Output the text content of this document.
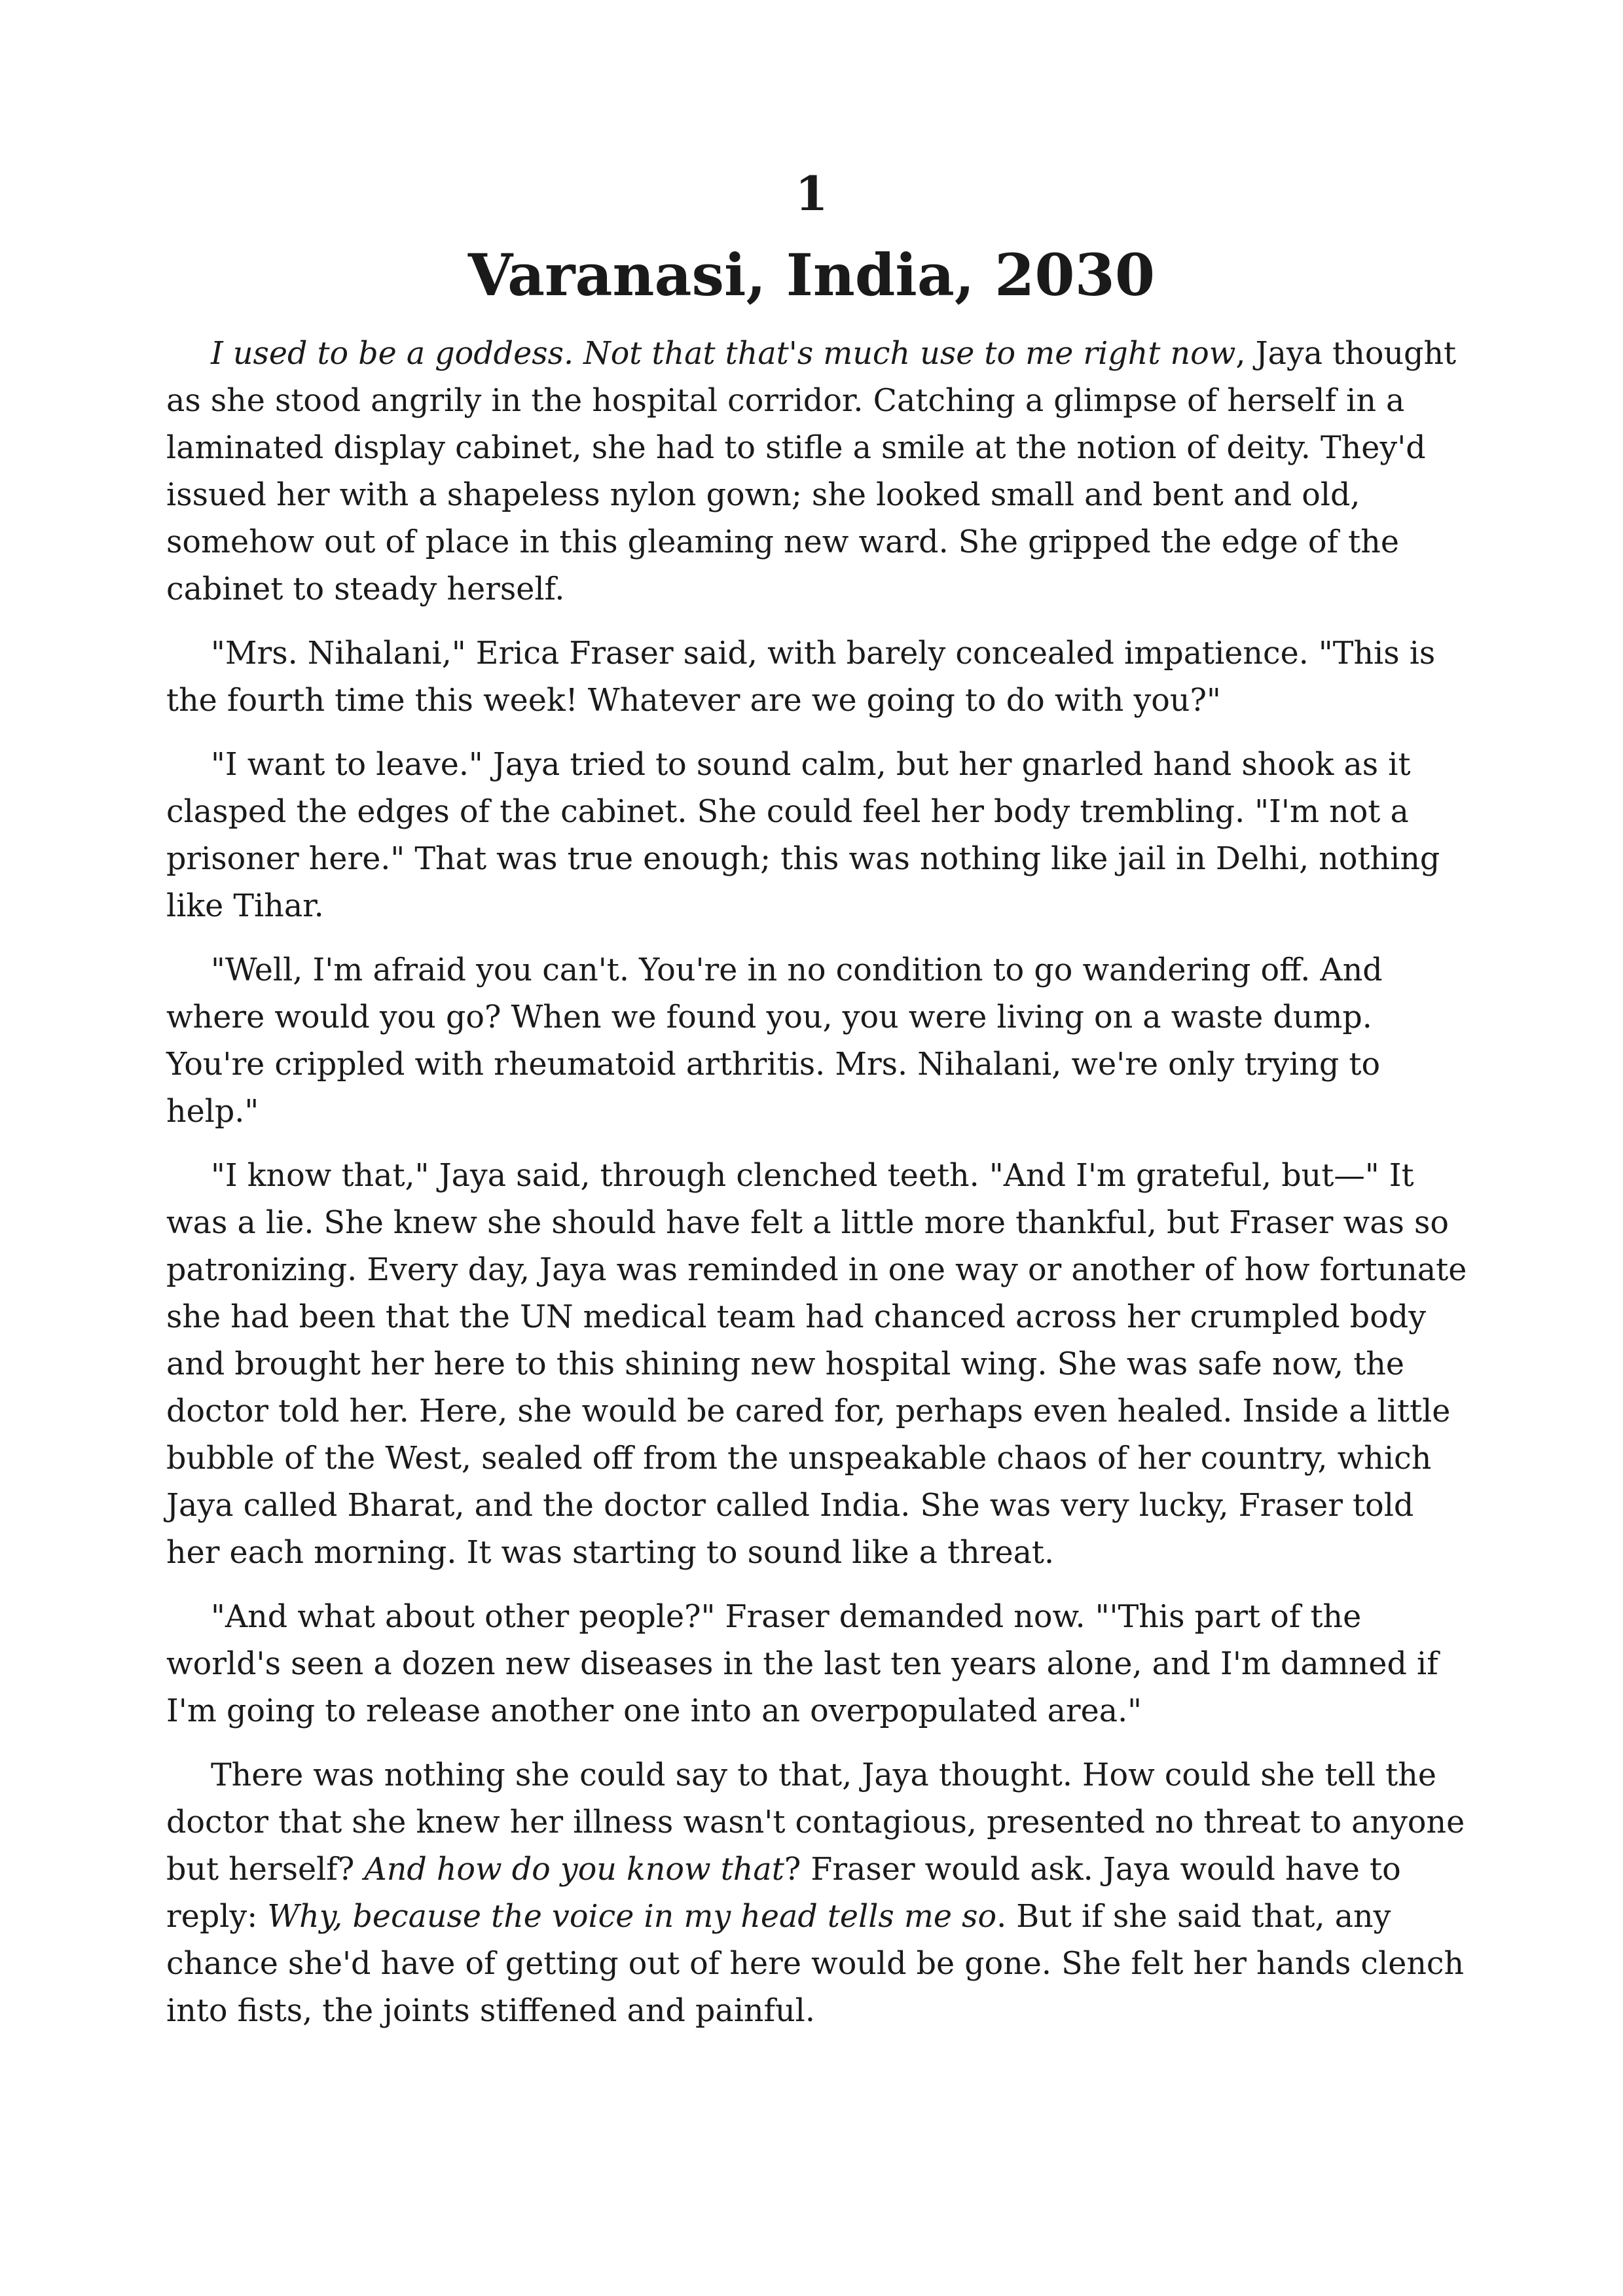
1
Varanasi, India, 2030

I used to be a goddess. Not that that's much use to me right now, Jaya thought as she stood angrily in the hospital corridor. Catching a glimpse of herself in a laminated display cabinet, she had to stifle a smile at the notion of deity. They'd issued her with a shapeless nylon gown; she looked small and bent and old, somehow out of place in this gleaming new ward. She gripped the edge of the cabinet to steady herself.

"Mrs. Nihalani," Erica Fraser said, with barely concealed impatience. "This is the fourth time this week! Whatever are we going to do with you?"

"I want to leave." Jaya tried to sound calm, but her gnarled hand shook as it clasped the edges of the cabinet. She could feel her body trembling. "I'm not a prisoner here." That was true enough; this was nothing like jail in Delhi, nothing like Tihar.

"Well, I'm afraid you can't. You're in no condition to go wandering off. And where would you go? When we found you, you were living on a waste dump. You're crippled with rheumatoid arthritis. Mrs. Nihalani, we're only trying to help."

"I know that," Jaya said, through clenched teeth. "And I'm grateful, but—" It was a lie. She knew she should have felt a little more thankful, but Fraser was so patronizing. Every day, Jaya was reminded in one way or another of how fortunate she had been that the UN medical team had chanced across her crumpled body and brought her here to this shining new hospital wing. She was safe now, the doctor told her. Here, she would be cared for, perhaps even healed. Inside a little bubble of the West, sealed off from the unspeakable chaos of her country, which Jaya called Bharat, and the doctor called India. She was very lucky, Fraser told her each morning. It was starting to sound like a threat.

"And what about other people?" Fraser demanded now. "'This part of the world's seen a dozen new diseases in the last ten years alone, and I'm damned if I'm going to release another one into an overpopulated area."

There was nothing she could say to that, Jaya thought. How could she tell the doctor that she knew her illness wasn't contagious, presented no threat to anyone but herself? And how do you know that? Fraser would ask. Jaya would have to reply: Why, because the voice in my head tells me so. But if she said that, any chance she'd have of getting out of here would be gone. She felt her hands clench into fists, the joints stiffened and painful.
